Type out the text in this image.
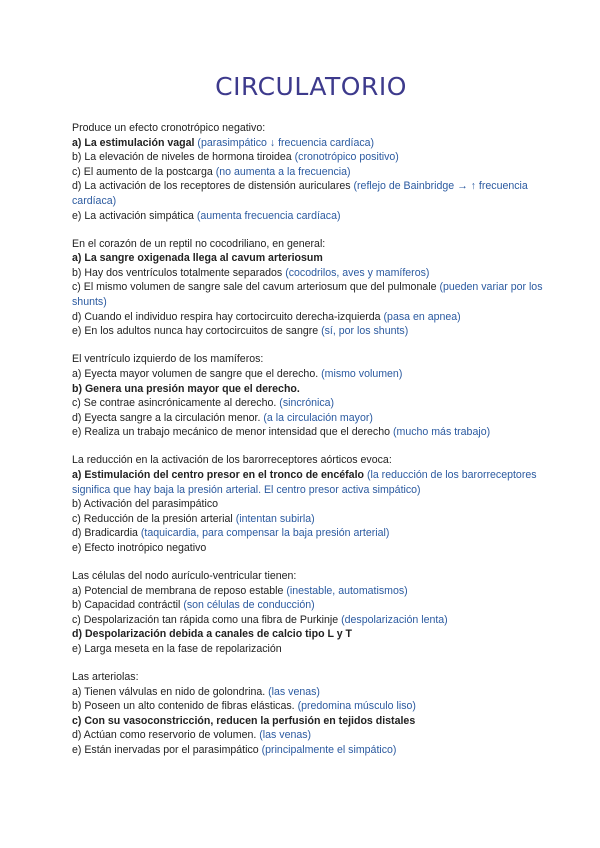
CIRCULATORIO

Produce un efecto cronotrópico negativo:

a) La estimulación vagal (parasimpático ↓ frecuencia cardíaca)

b) La elevación de niveles de hormona tiroidea (cronotrópico positivo)

c) El aumento de la postcarga (no aumenta a la frecuencia)

d) La activación de los receptores de distensión auriculares (reflejo de Bainbridge → ↑ frecuencia cardíaca)

e) La activación simpática (aumenta frecuencia cardíaca)

En el corazón de un reptil no cocodriliano, en general:

a) La sangre oxigenada llega al cavum arteriosum

b) Hay dos ventrículos totalmente separados (cocodrilos, aves y mamíferos)

c) El mismo volumen de sangre sale del cavum arteriosum que del pulmonale (pueden variar por los shunts)

d) Cuando el individuo respira hay cortocircuito derecha-izquierda (pasa en apnea)

e) En los adultos nunca hay cortocircuitos de sangre (sí, por los shunts)

El ventrículo izquierdo de los mamíferos:

a) Eyecta mayor volumen de sangre que el derecho. (mismo volumen)

b) Genera una presión mayor que el derecho.

c) Se contrae asincrónicamente al derecho. (sincrónica)

d) Eyecta sangre a la circulación menor. (a la circulación mayor)

e) Realiza un trabajo mecánico de menor intensidad que el derecho (mucho más trabajo)

La reducción en la activación de los barorreceptores aórticos evoca:

a) Estimulación del centro presor en el tronco de encéfalo (la reducción de los barorreceptores significa que hay baja la presión arterial. El centro presor activa simpático)

b) Activación del parasimpático

c) Reducción de la presión arterial (intentan subirla)

d) Bradicardia (taquicardia, para compensar la baja presión arterial)

e) Efecto inotrópico negativo

Las células del nodo aurículo-ventricular tienen:

a) Potencial de membrana de reposo estable (inestable, automatismos)

b) Capacidad contráctil (son células de conducción)

c) Despolarización tan rápida como una fibra de Purkinje (despolarización lenta)

d) Despolarización debida a canales de calcio tipo L y T

e) Larga meseta en la fase de repolarización

Las arteriolas:

a) Tienen válvulas en nido de golondrina. (las venas)

b) Poseen un alto contenido de fibras elásticas. (predomina músculo liso)

c) Con su vasoconstricción, reducen la perfusión en tejidos distales

d) Actúan como reservorio de volumen. (las venas)

e) Están inervadas por el parasimpático (principalmente el simpático)
